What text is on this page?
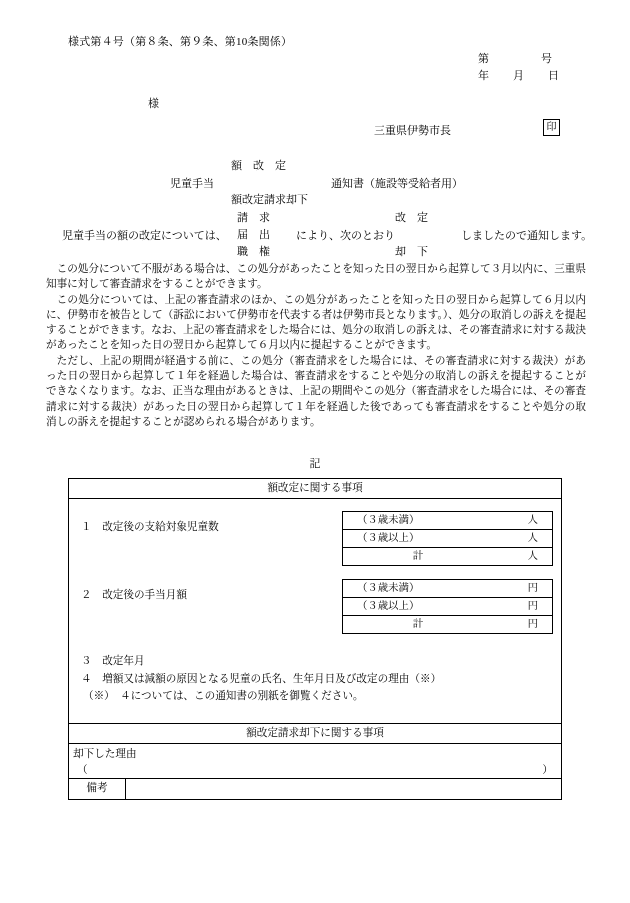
様式第４号（第８条、第９条、第10条関係）
第	号
年 月 日
様
三重県伊勢市長	印
児童手当
額　改　定
額改定請求却下
通知書（施設等受給者用）
児童手当の額の改定については、
請　求
届　出
職　権
により、次のとおり
改　定
却　下
しましたので通知します。

この処分について不服がある場合は、この処分があったことを知った日の翌日から起算して３月以内に、三重県知事に対して審査請求をすることができます。

この処分については、上記の審査請求のほか、この処分があったことを知った日の翌日から起算して６月以内に、伊勢市を被告として（訴訟において伊勢市を代表する者は伊勢市長となります。）、処分の取消しの訴えを提起することができます。なお、上記の審査請求をした場合には、処分の取消しの訴えは、その審査請求に対する裁決があったことを知った日の翌日から起算して６月以内に提起することができます。

ただし、上記の期間が経過する前に、この処分（審査請求をした場合には、その審査請求に対する裁決）があった日の翌日から起算して１年を経過した場合は、審査請求をすることや処分の取消しの訴えを提起することができなくなります。なお、正当な理由があるときは、上記の期間やこの処分（審査請求をした場合には、その審査請求に対する裁決）があった日の翌日から起算して１年を経過した後であっても審査請求をすることや処分の取消しの訴えを提起することが認められる場合があります。

記
額改定に関する事項

１　 改定後の支給対象児童数
（３歳未満）	人
（３歳以上）	人
計	人
２　 改定後の手当月額
（３歳未満）	円
（３歳以上）	円
計	円
３　 改定年月
４　 増額又は減額の原因となる児童の氏名、生年月日及び改定の理由（※）
（※）　４については、この通知書の別紙を御覧ください。

額改定請求却下に関する事項

却下した理由
（	）

備考	
